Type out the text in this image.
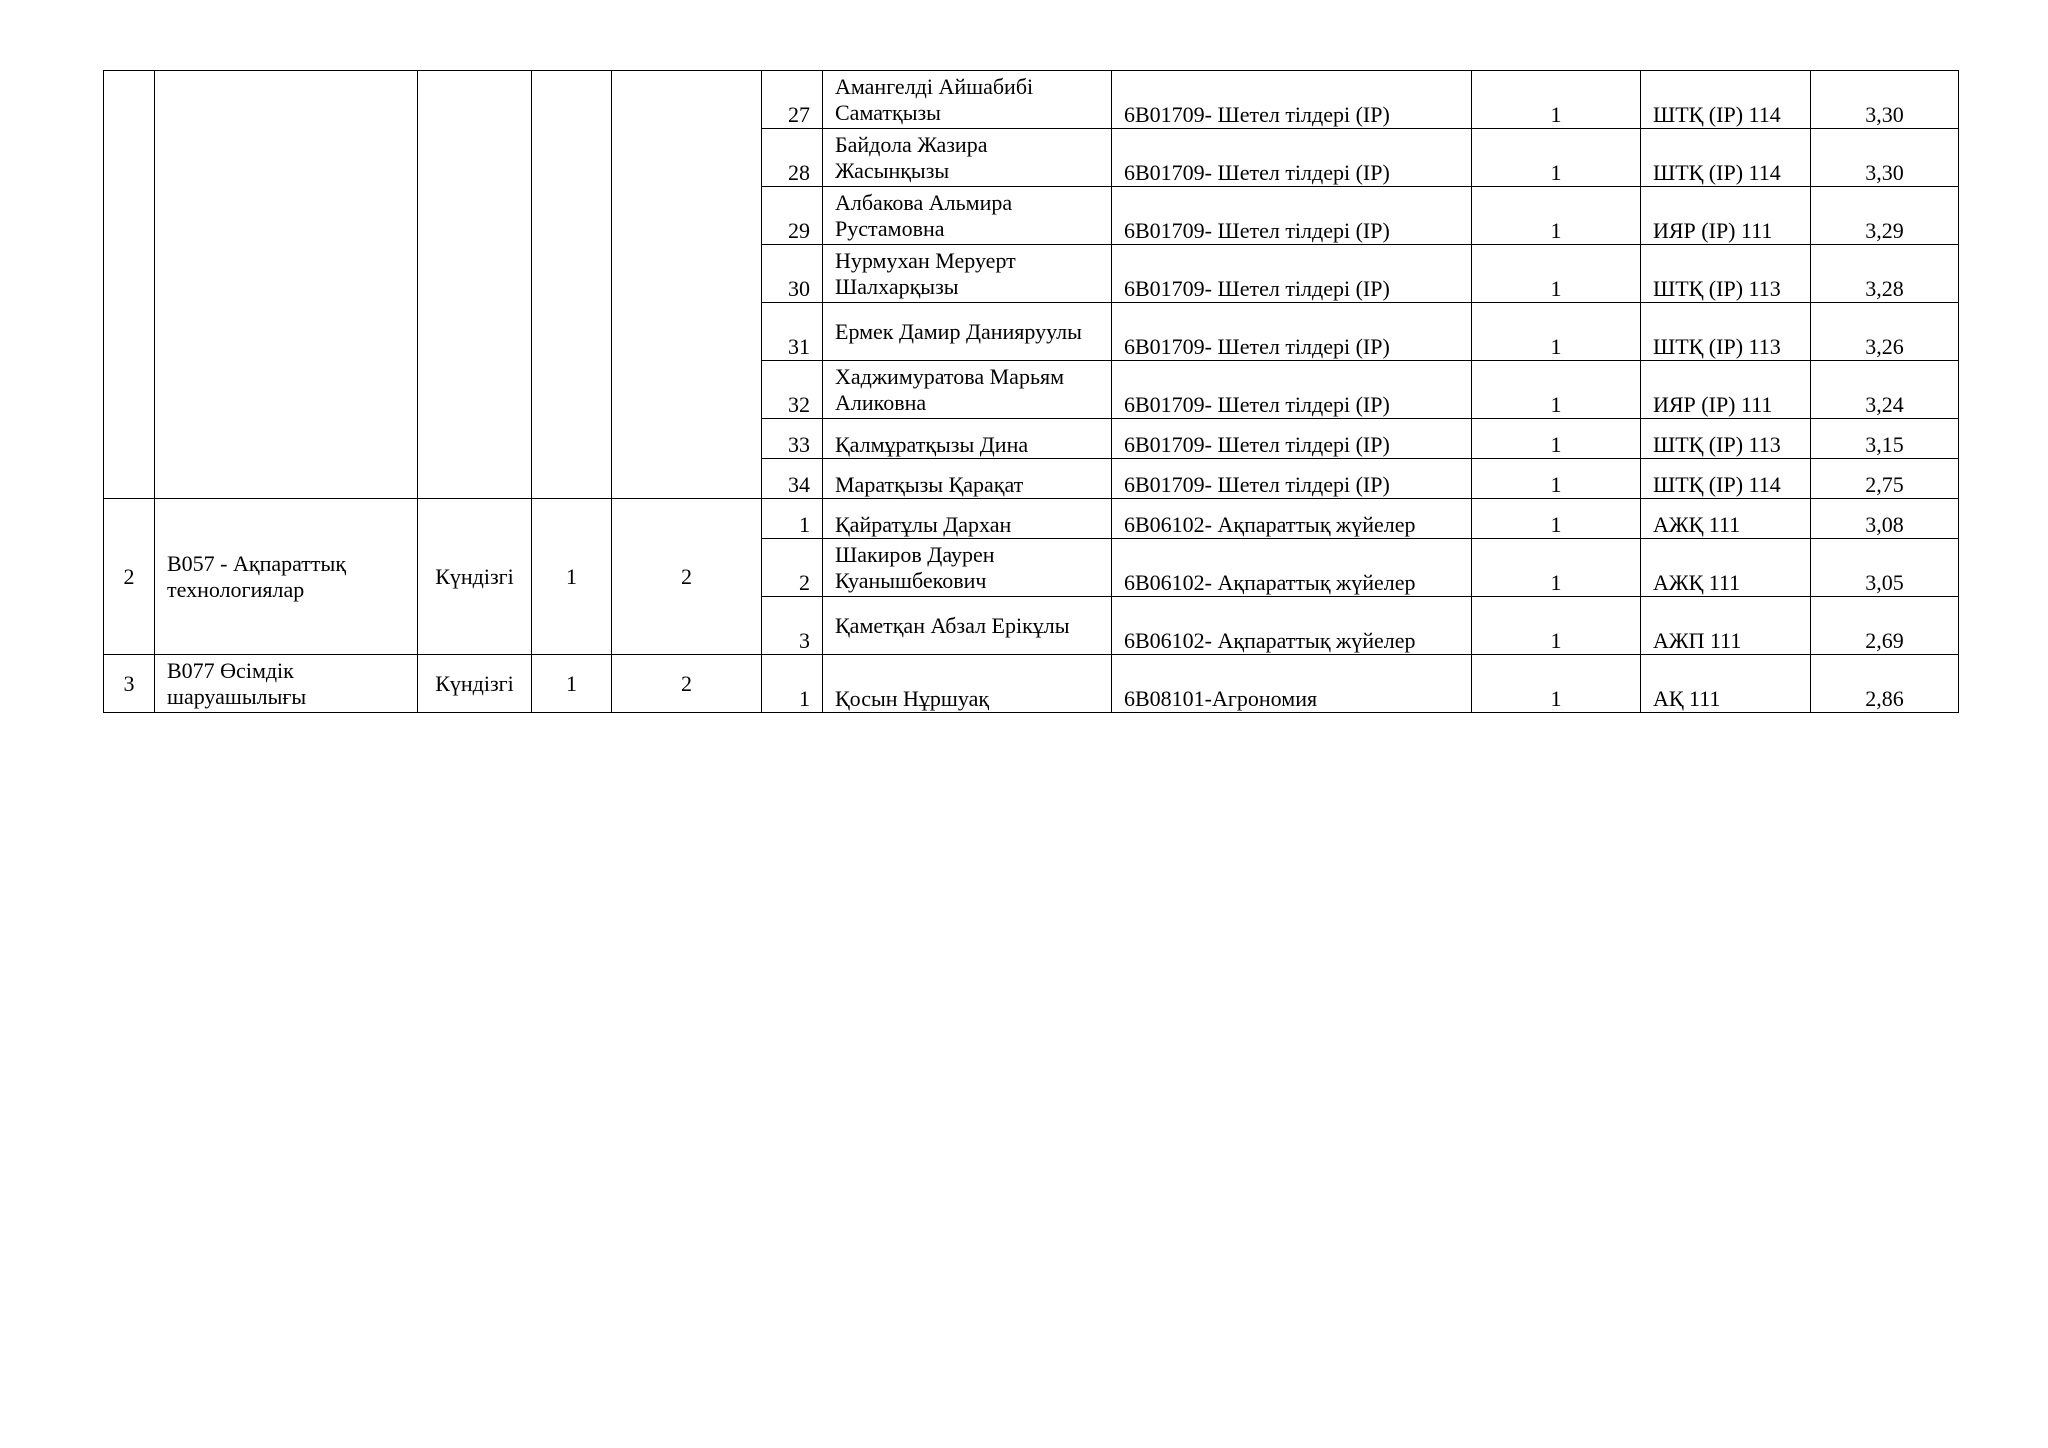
					27	Амангелді Айшабибі Саматқызы	6B01709- Шетел тілдері (IP)	1	ШТҚ (IP) 114	3,30
					28	Байдола Жазира Жасынқызы	6B01709- Шетел тілдері (IP)	1	ШТҚ (IP) 114	3,30
					29	Албакова Альмира Рустамовна	6B01709- Шетел тілдері (IP)	1	ИЯР (IP) 111	3,29
					30	Нурмухан Меруерт Шалхарқызы	6B01709- Шетел тілдері (IP)	1	ШТҚ (IP) 113	3,28
					31	Ермек Дамир Данияруулы	6B01709- Шетел тілдері (IP)	1	ШТҚ (IP) 113	3,26
					32	Хаджимуратова Марьям Аликовна	6B01709- Шетел тілдері (IP)	1	ИЯР (IP) 111	3,24
					33	Қалмұратқызы Дина	6B01709- Шетел тілдері (IP)	1	ШТҚ (IP) 113	3,15
					34	Маратқызы Қарақат	6B01709- Шетел тілдері (IP)	1	ШТҚ (IP) 114	2,75
2	B057 - Ақпараттық технологиялар	Күндізгі	1	2	1	Қайратұлы Дархан	6B06102- Ақпараттық жүйелер	1	АЖҚ 111	3,08
					2	Шакиров Даурен Куанышбекович	6B06102- Ақпараттық жүйелер	1	АЖҚ 111	3,05
					3	Қаметқан Абзал Ерікұлы	6B06102- Ақпараттық жүйелер	1	АЖП 111	2,69
3	B077 Өсімдік шаруашылығы	Күндізгі	1	2	1	Қосын Нұршуақ	6B08101-Агрономия	1	АҚ 111	2,86
